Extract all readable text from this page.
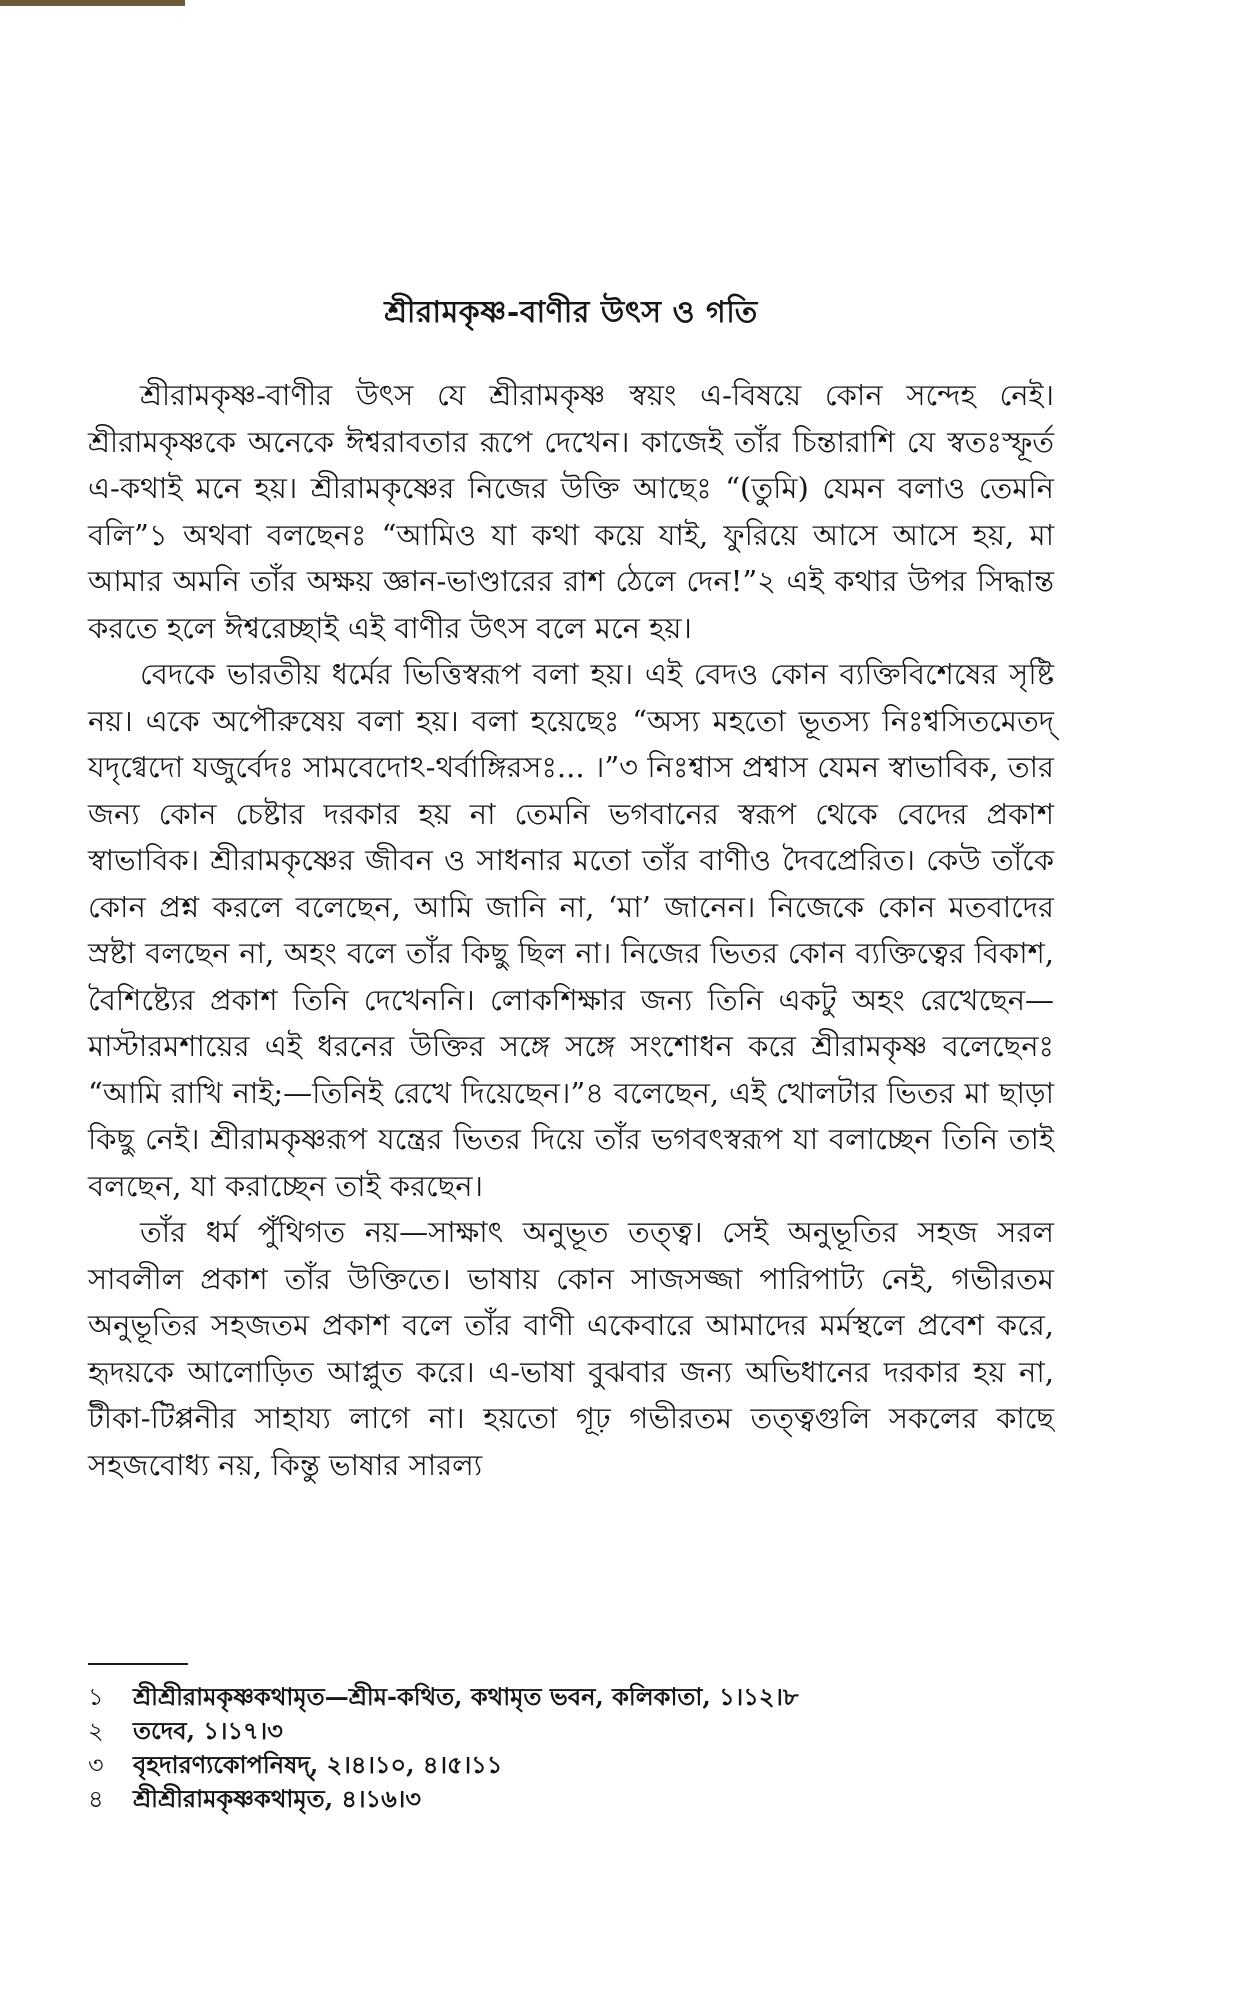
শ্রীরামকৃষ্ণ-বাণীর উৎস ও গতি

শ্রীরামকৃষ্ণ-বাণীর উৎস যে শ্রীরামকৃষ্ণ স্বয়ং এ-বিষয়ে কোন সন্দেহ নেই। শ্রীরামকৃষ্ণকে অনেকে ঈশ্বরাবতার রূপে দেখেন। কাজেই তাঁর চিন্তারাশি যে স্বতঃস্ফূর্ত এ-কথাই মনে হয়। শ্রীরামকৃষ্ণের নিজের উক্তি আছেঃ “(তুমি) যেমন বলাও তেমনি বলি”১ অথবা বলছেনঃ “আমিও যা কথা কয়ে যাই, ফুরিয়ে আসে আসে হয়, মা আমার অমনি তাঁর অক্ষয় জ্ঞান-ভাণ্ডারের রাশ ঠেলে দেন!”২ এই কথার উপর সিদ্ধান্ত করতে হলে ঈশ্বরেচ্ছাই এই বাণীর উৎস বলে মনে হয়।

বেদকে ভারতীয় ধর্মের ভিত্তিস্বরূপ বলা হয়। এই বেদও কোন ব্যক্তিবিশেষের সৃষ্টি নয়। একে অপৌরুষেয় বলা হয়। বলা হয়েছেঃ “অস্য মহতো ভূতস্য নিঃশ্বসিতমেতদ্ যদৃগ্বেদো যজুর্বেদঃ সামবেদোঽ-থর্বাঙ্গিরসঃ... ।”৩ নিঃশ্বাস প্রশ্বাস যেমন স্বাভাবিক, তার জন্য কোন চেষ্টার দরকার হয় না তেমনি ভগবানের স্বরূপ থেকে বেদের প্রকাশ স্বাভাবিক। শ্রীরামকৃষ্ণের জীবন ও সাধনার মতো তাঁর বাণীও দৈবপ্রেরিত। কেউ তাঁকে কোন প্রশ্ন করলে বলেছেন, আমি জানি না, ‘মা’ জানেন। নিজেকে কোন মতবাদের স্রষ্টা বলছেন না, অহং বলে তাঁর কিছু ছিল না। নিজের ভিতর কোন ব্যক্তিত্বের বিকাশ, বৈশিষ্ট্যের প্রকাশ তিনি দেখেননি। লোকশিক্ষার জন্য তিনি একটু অহং রেখেছেন—মাস্টারমশায়ের এই ধরনের উক্তির সঙ্গে সঙ্গে সংশোধন করে শ্রীরামকৃষ্ণ বলেছেনঃ “আমি রাখি নাই;—তিনিই রেখে দিয়েছেন।”৪ বলেছেন, এই খোলটার ভিতর মা ছাড়া কিছু নেই। শ্রীরামকৃষ্ণরূপ যন্ত্রের ভিতর দিয়ে তাঁর ভগবৎস্বরূপ যা বলাচ্ছেন তিনি তাই বলছেন, যা করাচ্ছেন তাই করছেন।

তাঁর ধর্ম পুঁথিগত নয়—সাক্ষাৎ অনুভূত তত্ত্ব। সেই অনুভূতির সহজ সরল সাবলীল প্রকাশ তাঁর উক্তিতে। ভাষায় কোন সাজসজ্জা পারিপাট্য নেই, গভীরতম অনুভূতির সহজতম প্রকাশ বলে তাঁর বাণী একেবারে আমাদের মর্মস্থলে প্রবেশ করে, হৃদয়কে আলোড়িত আপ্লুত করে। এ-ভাষা বুঝবার জন্য অভিধানের দরকার হয় না, টীকা-টিপ্পনীর সাহায্য লাগে না। হয়তো গূঢ় গভীরতম তত্ত্বগুলি সকলের কাছে সহজবোধ্য নয়, কিন্তু ভাষার সারল্য

১	শ্রীশ্রীরামকৃষ্ণকথামৃত—শ্রীম-কথিত, কথামৃত ভবন, কলিকাতা, ১।১২।৮
২	তদেব, ১।১৭।৩
৩	বৃহদারণ্যকোপনিষদ্, ২।৪।১০, ৪।৫।১১
৪	শ্রীশ্রীরামকৃষ্ণকথামৃত, ৪।১৬।৩
